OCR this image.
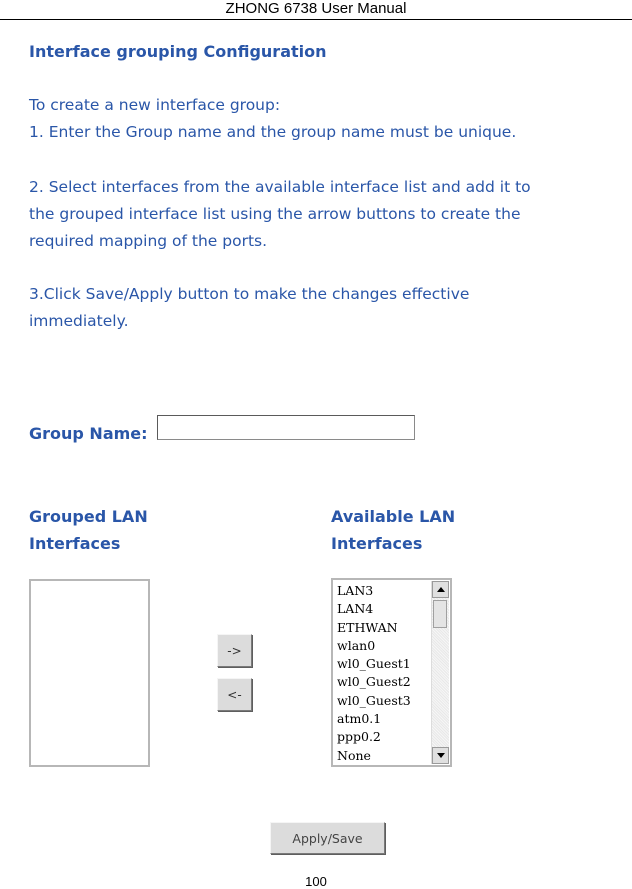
ZHONG 6738 User Manual
Interface grouping Configuration
To create a new interface group:
1. Enter the Group name and the group name must be unique.
2. Select interfaces from the available interface list and add it to
the grouped interface list using the arrow buttons to create the
required mapping of the ports.
3.Click Save/Apply button to make the changes effective
immediately.
Group Name:
Grouped LAN
Interfaces
Available LAN
Interfaces
LAN3
LAN4
ETHWAN
wlan0
wl0_Guest1
wl0_Guest2
wl0_Guest3
atm0.1
ppp0.2
None
->
<-
Apply/Save
100
